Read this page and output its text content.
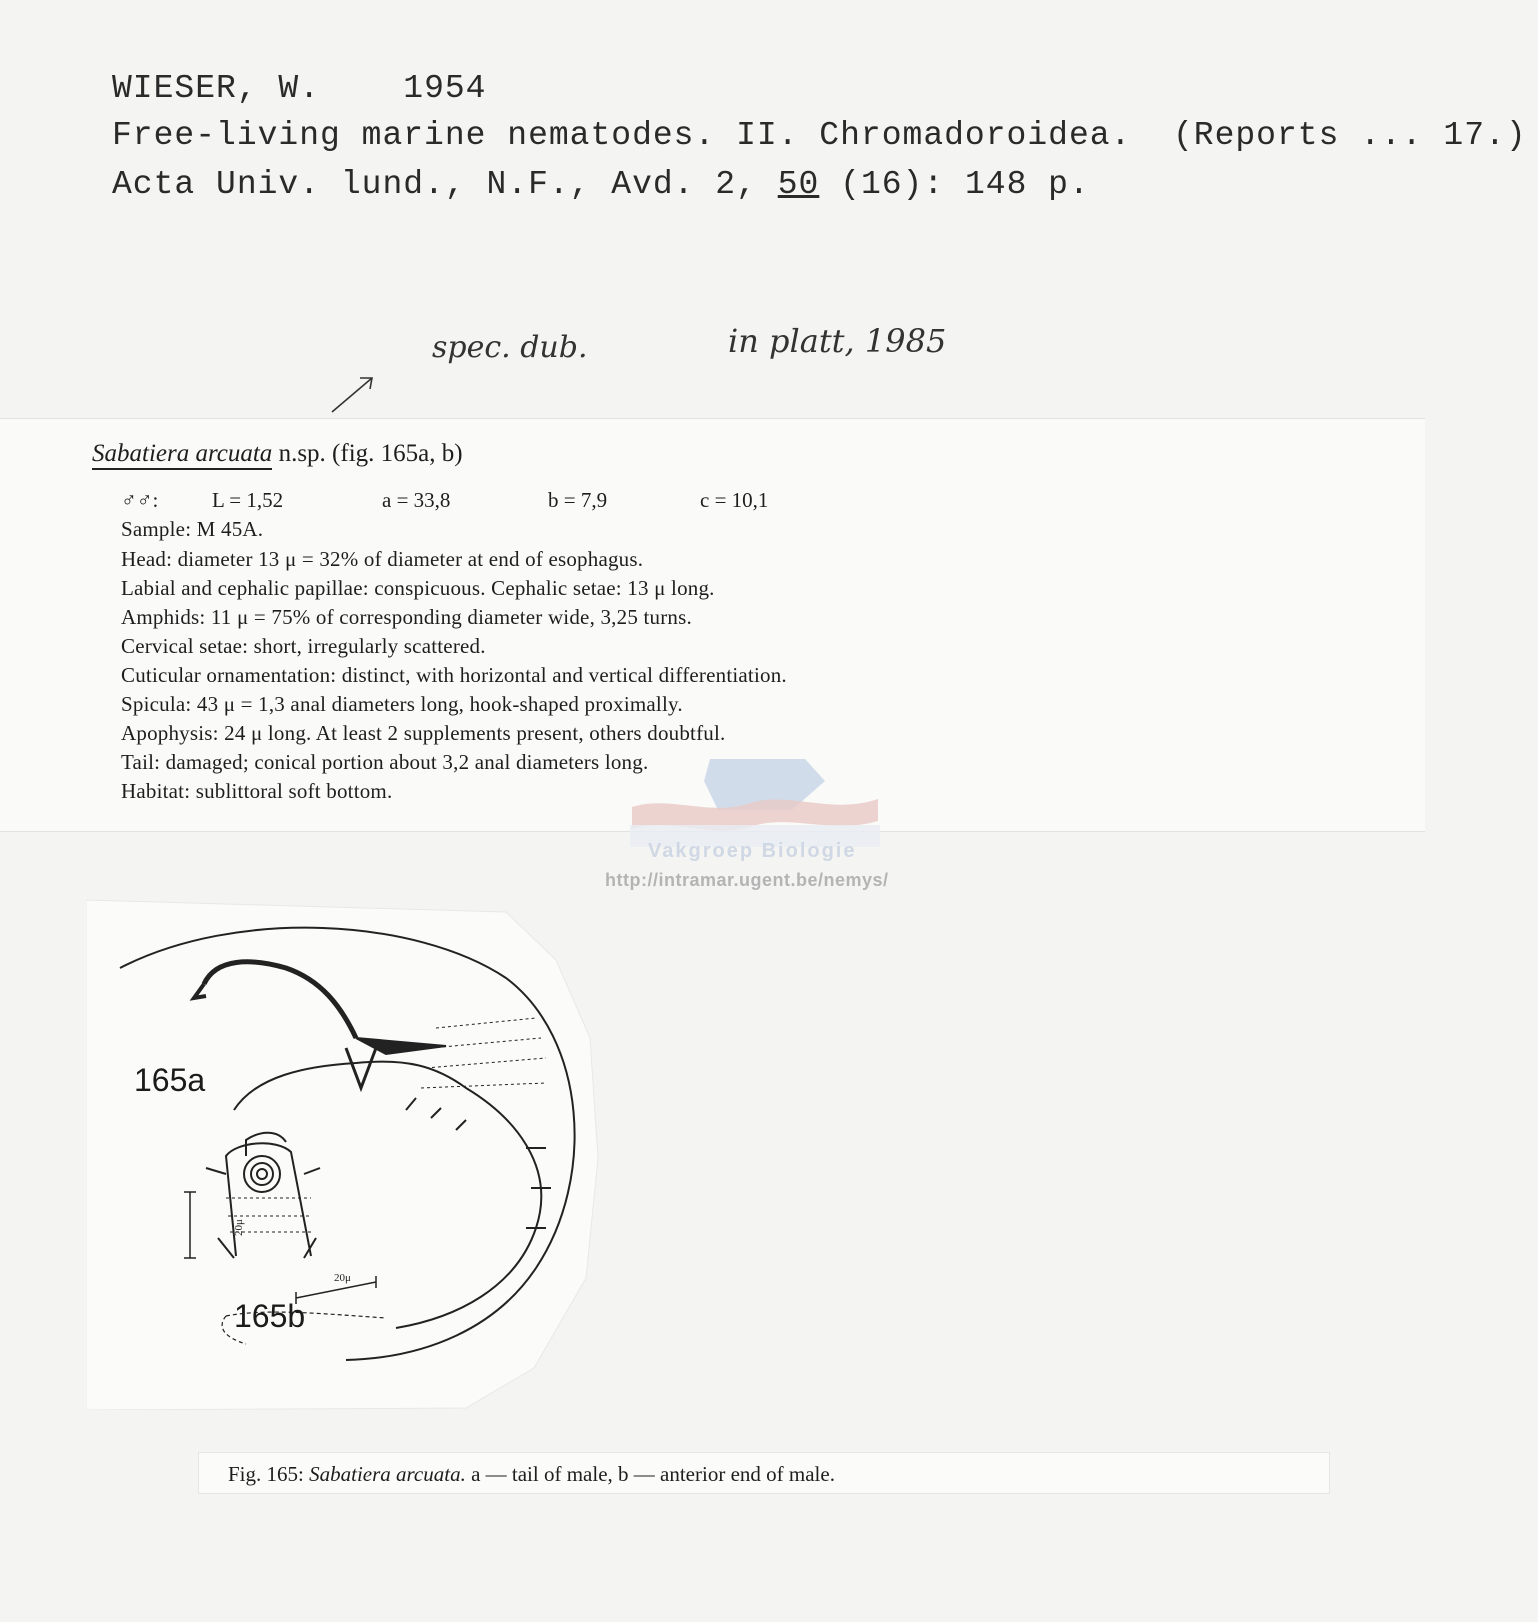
WIESER, W.	1954
Free-living marine nematodes. II. Chromadoroidea. (Reports ... 17.)
Acta Univ. lund., N.F., Avd. 2, 50 (16): 148 p.
spec. dub.	in platt, 1985
Sabatiera arcuata n.sp. (fig. 165a, b)
♂♂:	L = 1,52	a = 33,8	b = 7,9	c = 10,1
Sample: M 45A.
Head: diameter 13 μ = 32% of diameter at end of esophagus.
Labial and cephalic papillae: conspicuous. Cephalic setae: 13 μ long.
Amphids: 11 μ = 75% of corresponding diameter wide, 3,25 turns.
Cervical setae: short, irregularly scattered.
Cuticular ornamentation: distinct, with horizontal and vertical differentiation.
Spicula: 43 μ = 1,3 anal diameters long, hook-shaped proximally.
Apophysis: 24 μ long. At least 2 supplements present, others doubtful.
Tail: damaged; conical portion about 3,2 anal diameters long.
Habitat: sublittoral soft bottom.
Vakgroep Biologie
http://intramar.ugent.be/nemys/
20μ
20μ
165a
165b
Fig. 165: Sabatiera arcuata. a — tail of male, b — anterior end of male.
